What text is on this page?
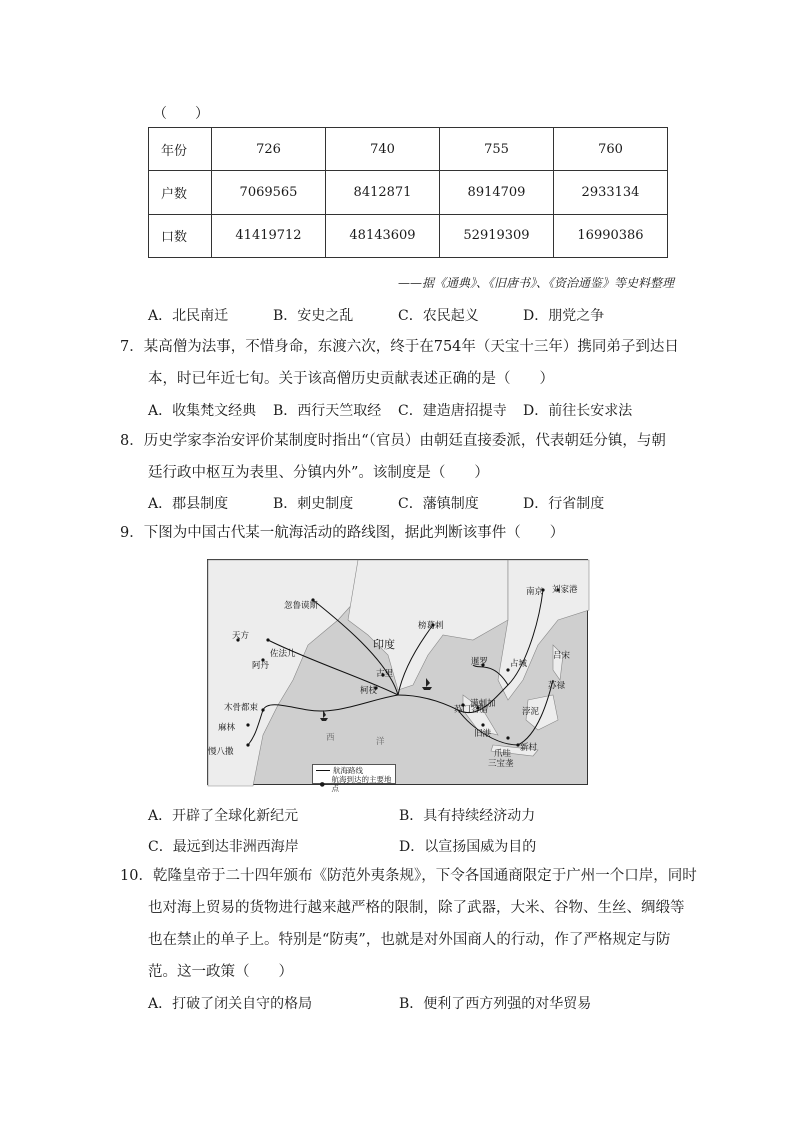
（　　）
年份	726	740	755	760
户数	7069565	8412871	8914709	2933134
口数	41419712	48143609	52919309	16990386
——据《通典》、《旧唐书》、《资治通鉴》等史料整理
A．北民南迁	B．安史之乱	C．农民起义	D．朋党之争
7．某高僧为法事，不惜身命，东渡六次，终于在754年（天宝十三年）携同弟子到达日
本，时已年近七旬。关于该高僧历史贡献表述正确的是（　　）
A．收集梵文经典	B．西行天竺取经	C．建造唐招提寺	D．前往长安求法
8．历史学家李治安评价某制度时指出“（官员）由朝廷直接委派，代表朝廷分镇，与朝
廷行政中枢互为表里、分镇内外”。该制度是（　　）
A．郡县制度	B．刺史制度	C．藩镇制度	D．行省制度
9．下图为中国古代某一航海活动的路线图，据此判断该事件（　　）
南京 刘家港
忽鲁谟斯
天方
佐法儿
阿丹
印度
榜葛剌
古里
柯枝
暹罗	占城
吕宋
苏禄
木骨都束
麻林
慢八撒
苏门答腊
满剌加
浡泥
旧港
爪哇
新村
三宝垄
西	洋
航海路线
● 航海到达的主要地点
A．开辟了全球化新纪元	B．具有持续经济动力
C．最远到达非洲西海岸	D．以宣扬国威为目的
10．乾隆皇帝于二十四年颁布《防范外夷条规》，下令各国通商限定于广州一个口岸，同时
也对海上贸易的货物进行越来越严格的限制，除了武器，大米、谷物、生丝、绸缎等
也在禁止的单子上。特别是“防夷”，也就是对外国商人的行动，作了严格规定与防
范。这一政策（　　）
A．打破了闭关自守的格局	B．便利了西方列强的对华贸易
